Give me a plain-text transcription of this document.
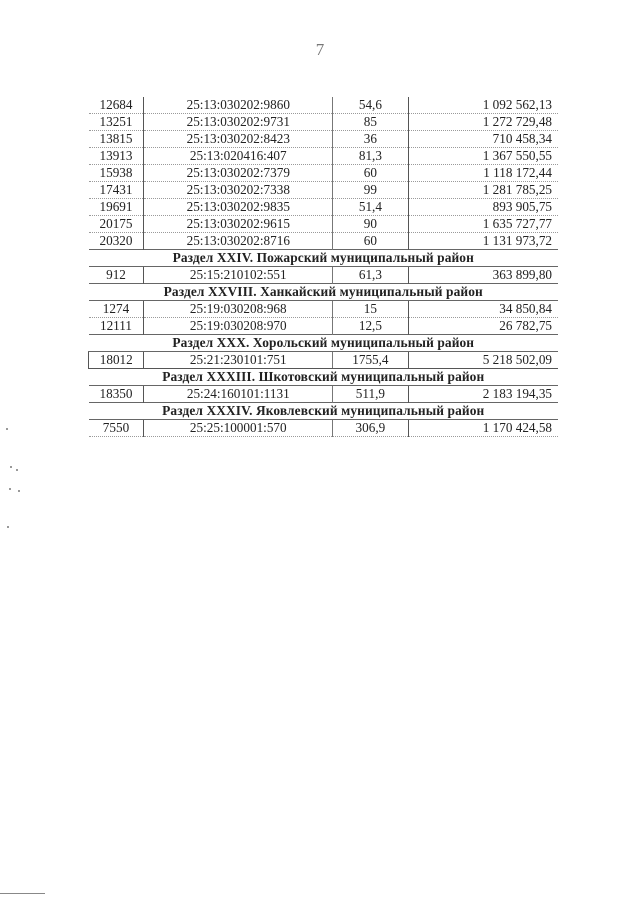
7
12684	25:13:030202:9860	54,6	1 092 562,13
13251	25:13:030202:9731	85	1 272 729,48
13815	25:13:030202:8423	36	710 458,34
13913	25:13:020416:407	81,3	1 367 550,55
15938	25:13:030202:7379	60	1 118 172,44
17431	25:13:030202:7338	99	1 281 785,25
19691	25:13:030202:9835	51,4	893 905,75
20175	25:13:030202:9615	90	1 635 727,77
20320	25:13:030202:8716	60	1 131 973,72
Раздел XXIV. Пожарский муниципальный район			
912	25:15:210102:551	61,3	363 899,80
Раздел XXVIII. Ханкайский муниципальный район			
1274	25:19:030208:968	15	34 850,84
12111	25:19:030208:970	12,5	26 782,75
Раздел XXX. Хорольский муниципальный район			
18012	25:21:230101:751	1755,4	5 218 502,09
Раздел XXXIII. Шкотовский муниципальный район			
18350	25:24:160101:1131	511,9	2 183 194,35
Раздел XXXIV. Яковлевский муниципальный район			
7550	25:25:100001:570	306,9	1 170 424,58
